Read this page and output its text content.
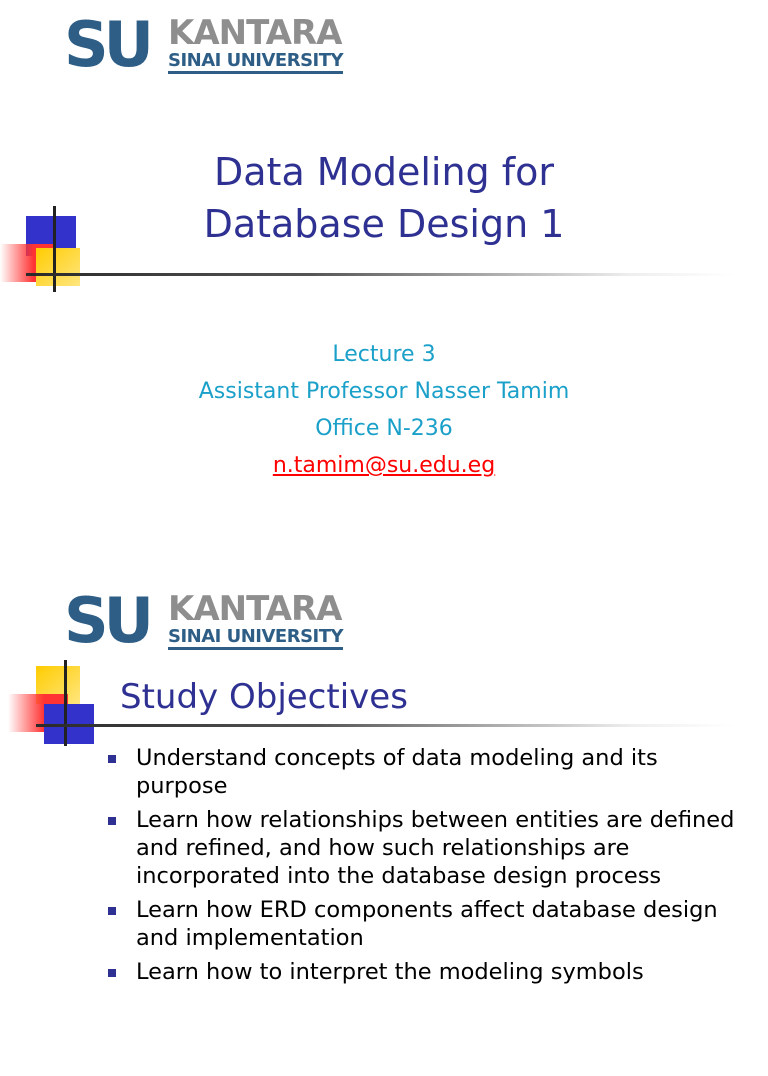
SU KANTARA
SINAI UNIVERSITY
Data Modeling for
Database Design 1
Lecture 3
Assistant Professor Nasser Tamim
Office N-236
n.tamim@su.edu.eg
SU KANTARA
SINAI UNIVERSITY
Study Objectives
Understand concepts of data modeling and its purpose
Learn how relationships between entities are defined and refined, and how such relationships are incorporated into the database design process
Learn how ERD components affect database design and implementation
Learn how to interpret the modeling symbols
